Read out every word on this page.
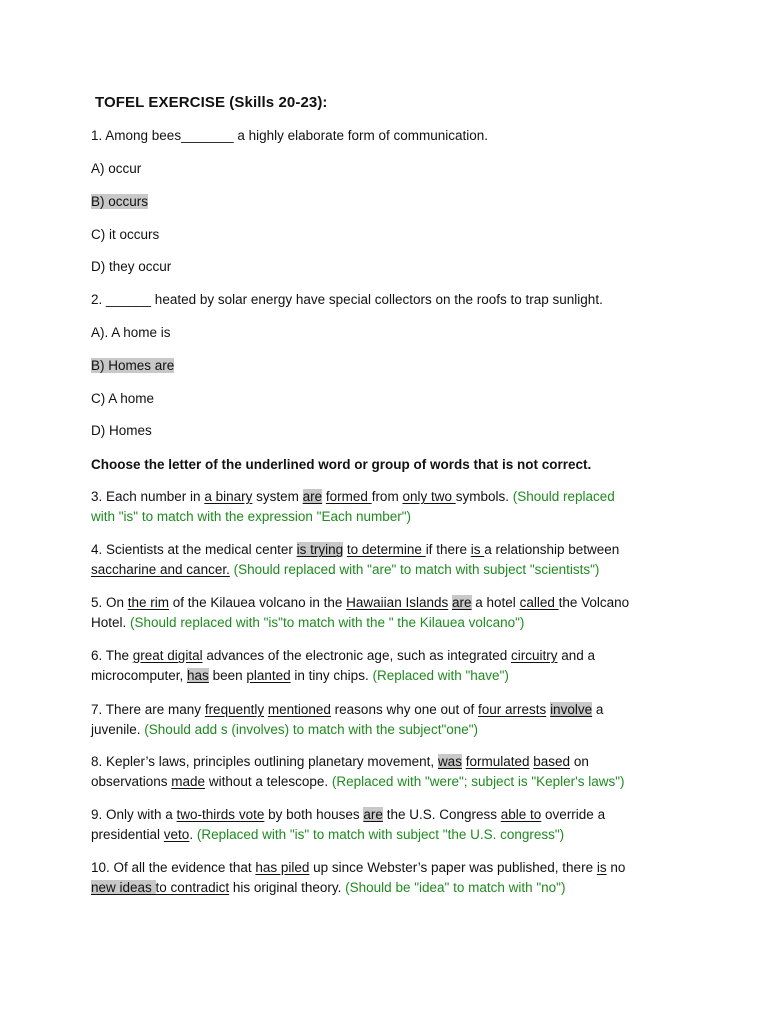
TOFEL EXERCISE (Skills 20-23):
1. Among bees_______ a highly elaborate form of communication.
A) occur
B) occurs
C) it occurs
D) they occur
2. ______ heated by solar energy have special collectors on the roofs to trap sunlight.
A). A home is
B) Homes are
C) A home
D) Homes
Choose the letter of the underlined word or group of words that is not correct.
3. Each number in a binary system are formed from only two symbols. (Should replaced
with "is" to match with the expression "Each number")
4. Scientists at the medical center is trying to determine if there is a relationship between
saccharine and cancer. (Should replaced with "are" to match with subject "scientists")
5. On the rim of the Kilauea volcano in the Hawaiian Islands are a hotel called the Volcano
Hotel. (Should replaced with "is"to match with the " the Kilauea volcano")
6. The great digital advances of the electronic age, such as integrated circuitry and a
microcomputer, has been planted in tiny chips. (Replaced with "have")
7. There are many frequently mentioned reasons why one out of four arrests involve a
juvenile. (Should add s (involves) to match with the subject"one")
8. Kepler’s laws, principles outlining planetary movement, was formulated based on
observations made without a telescope. (Replaced with "were"; subject is "Kepler's laws")
9. Only with a two-thirds vote by both houses are the U.S. Congress able to override a
presidential veto. (Replaced with "is" to match with subject "the U.S. congress")
10. Of all the evidence that has piled up since Webster’s paper was published, there is no
new ideas to contradict his original theory. (Should be "idea" to match with "no")
